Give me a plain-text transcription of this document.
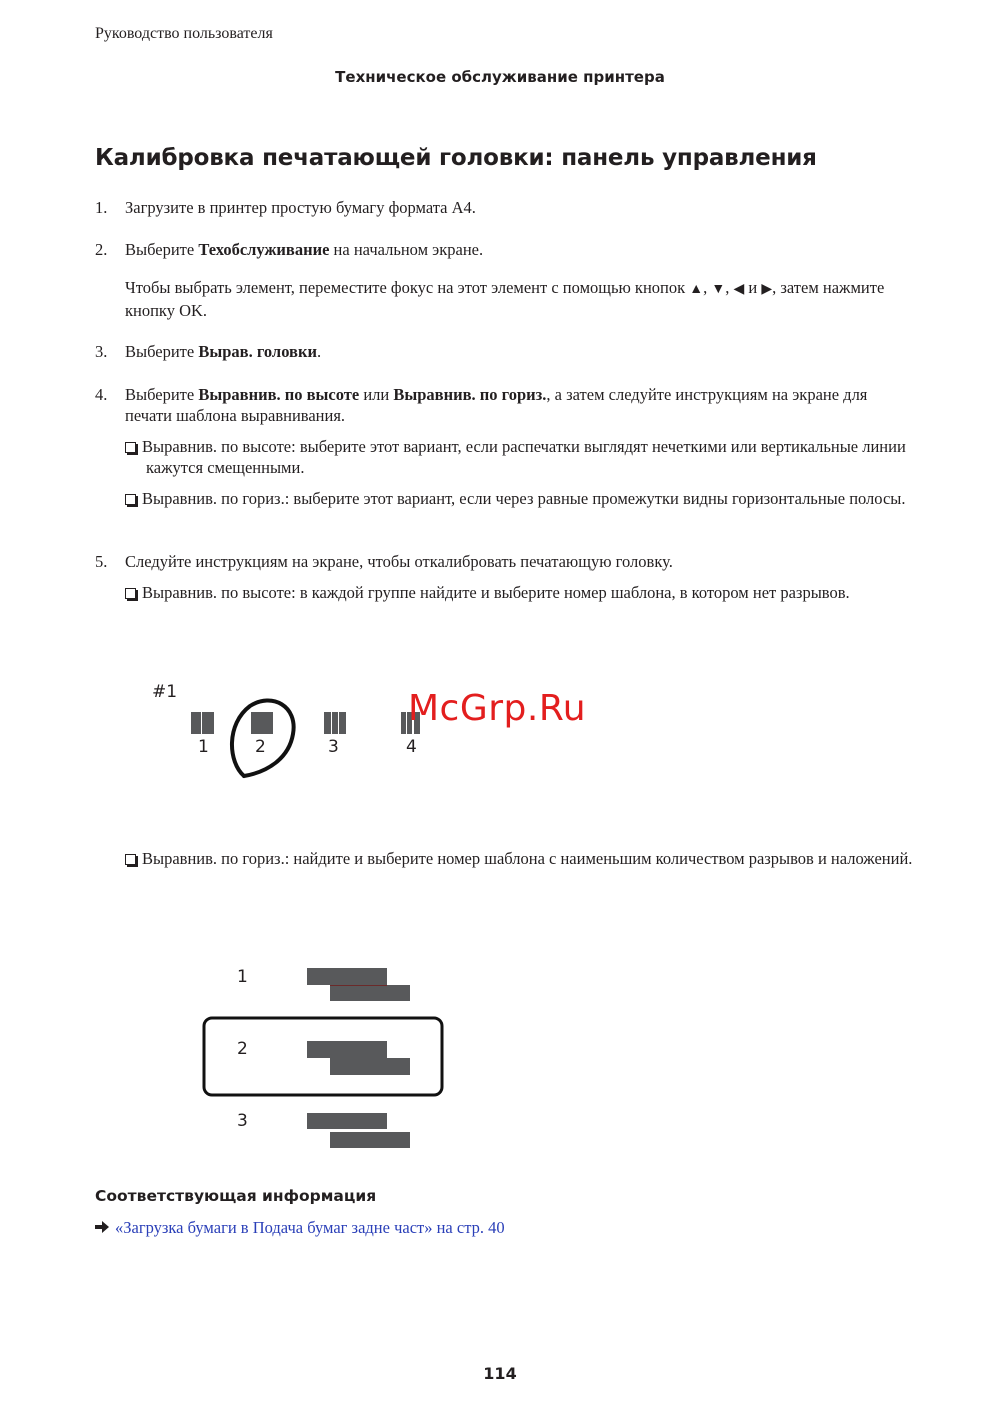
Руководство пользователя
Техническое обслуживание принтера
Калибровка печатающей головки: панель управления
1. Загрузите в принтер простую бумагу формата A4.
2. Выберите Техобслуживание на начальном экране.
Чтобы выбрать элемент, переместите фокус на этот элемент с помощью кнопок ▲, ▼, ◀ и ▶, затем нажмите кнопку OK.
3. Выберите Вырав. головки.
4. Выберите Выравнив. по высоте или Выравнив. по гориз., а затем следуйте инструкциям на экране для печати шаблона выравнивания.
Выравнив. по высоте: выберите этот вариант, если распечатки выглядят нечеткими или вертикальные линии кажутся смещенными.
Выравнив. по гориз.: выберите этот вариант, если через равные промежутки видны горизонтальные полосы.
5. Следуйте инструкциям на экране, чтобы откалибровать печатающую головку.
Выравнив. по высоте: в каждой группе найдите и выберите номер шаблона, в котором нет разрывов.
#1
1	2	3	4
McGrp.Ru
Выравнив. по гориз.: найдите и выберите номер шаблона с наименьшим количеством разрывов и наложений.
1
2
3
Соответствующая информация
«Загрузка бумаги в Подача бумаг задне част» на стр. 40
114
